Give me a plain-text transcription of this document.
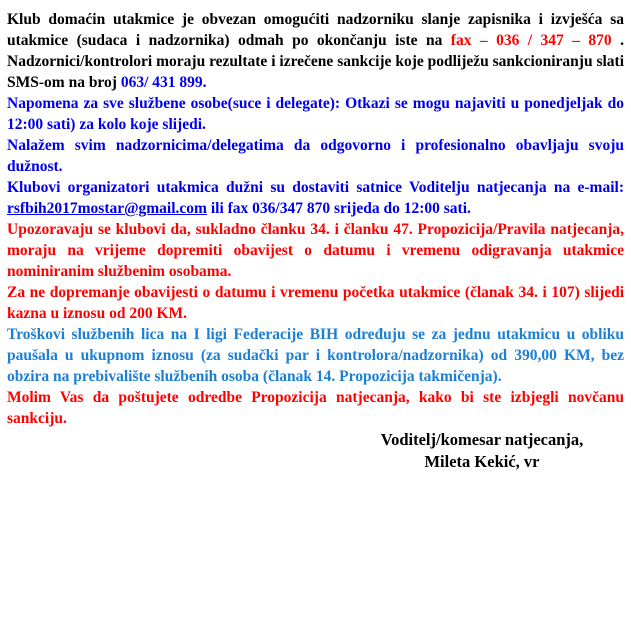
Klub domaćin utakmice je obvezan omogućiti nadzorniku slanje zapisnika i izvješća sa utakmice (sudaca i nadzornika) odmah po okončanju iste na fax – 036 / 347 – 870 . Nadzornici/kontrolori moraju rezultate i izrečene sankcije koje podliježu sankcioniranju slati SMS-om na broj 063/ 431 899.

Napomena za sve službene osobe(suce i delegate): Otkazi se mogu najaviti u ponedjeljak do 12:00 sati) za kolo koje slijedi.

Nalažem svim nadzornicima/delegatima da odgovorno i profesionalno obavljaju svoju dužnost.

Klubovi organizatori utakmica dužni su dostaviti satnice Voditelju natjecanja na e-mail: rsfbih2017mostar@gmail.com ili fax 036/347 870 srijeda do 12:00 sati.

Upozoravaju se klubovi da, sukladno članku 34. i članku 47. Propozicija/Pravila natjecanja, moraju na vrijeme dopremiti obavijest o datumu i vremenu odigravanja utakmice nominiranim službenim osobama.

Za ne dopremanje obavijesti o datumu i vremenu početka utakmice (članak 34. i 107) slijedi kazna u iznosu od 200 KM.

Troškovi službenih lica na I ligi Federacije BIH određuju se za jednu utakmicu u obliku paušala u ukupnom iznosu (za sudački par i kontrolora/nadzornika) od 390,00 KM, bez obzira na prebivalište službenih osoba (članak 14. Propozicija takmičenja).

Molim Vas da poštujete odredbe Propozicija natjecanja, kako bi ste izbjegli novčanu sankciju.

Voditelj/komesar natjecanja,
Mileta Kekić, vr
